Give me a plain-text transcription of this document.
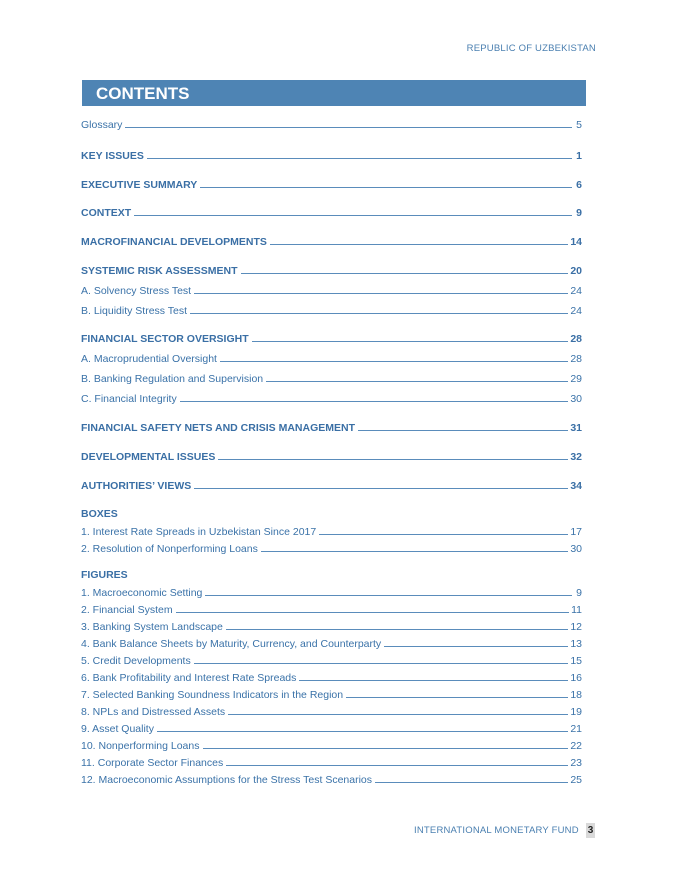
REPUBLIC OF UZBEKISTAN
CONTENTS
Glossary	5
KEY ISSUES	1
EXECUTIVE SUMMARY	6
CONTEXT	9
MACROFINANCIAL DEVELOPMENTS	14
SYSTEMIC RISK ASSESSMENT	20
A. Solvency Stress Test	24
B. Liquidity Stress Test	24
FINANCIAL SECTOR OVERSIGHT	28
A. Macroprudential Oversight	28
B. Banking Regulation and Supervision	29
C. Financial Integrity	30
FINANCIAL SAFETY NETS AND CRISIS MANAGEMENT	31
DEVELOPMENTAL ISSUES	32
AUTHORITIES’ VIEWS	34
BOXES
1. Interest Rate Spreads in Uzbekistan Since 2017	17
2. Resolution of Nonperforming Loans	30
FIGURES
1. Macroeconomic Setting	9
2. Financial System	11
3. Banking System Landscape	12
4. Bank Balance Sheets by Maturity, Currency, and Counterparty	13
5. Credit Developments	15
6. Bank Profitability and Interest Rate Spreads	16
7. Selected Banking Soundness Indicators in the Region	18
8. NPLs and Distressed Assets	19
9. Asset Quality	21
10. Nonperforming Loans	22
11. Corporate Sector Finances	23
12. Macroeconomic Assumptions for the Stress Test Scenarios	25
INTERNATIONAL MONETARY FUND 3
